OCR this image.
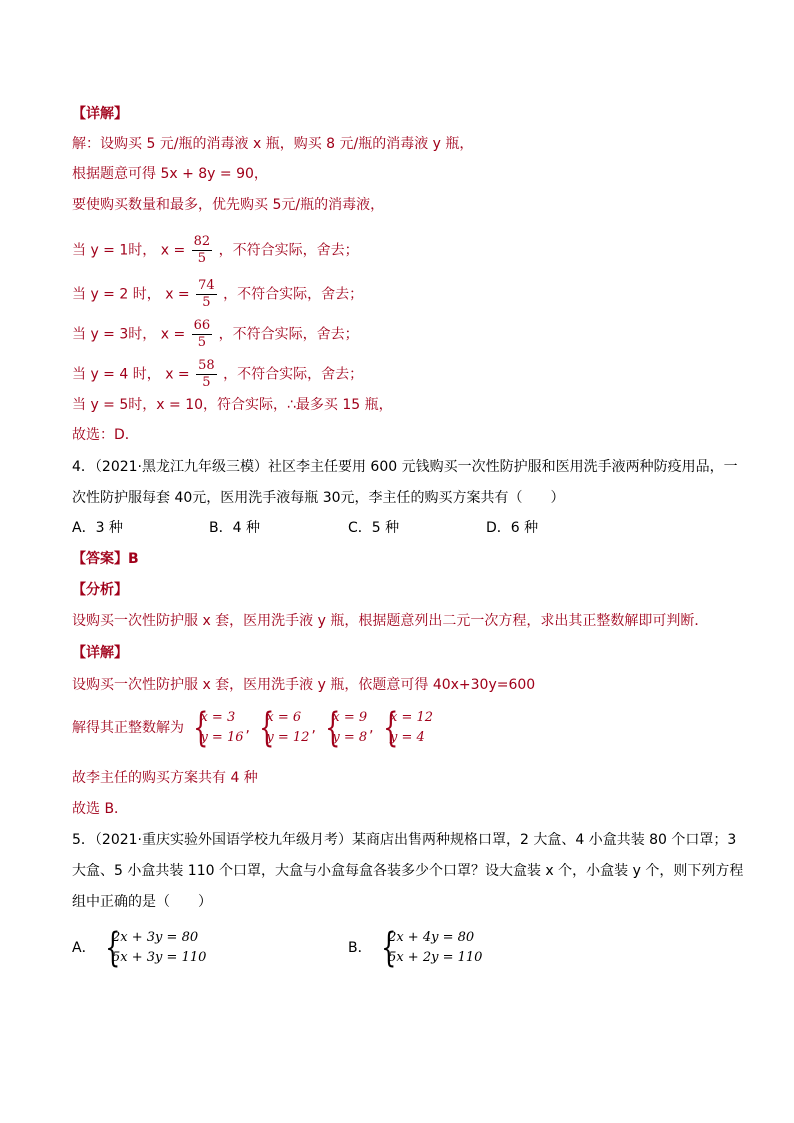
【详解】
解：设购买 5 元/瓶的消毒液 x 瓶，购买 8 元/瓶的消毒液 y 瓶，
根据题意可得 5x + 8y = 90，
要使购买数量和最多，优先购买 5元/瓶的消毒液，
当 y = 1时， $x = \frac{82}{5}$ ，不符合实际，舍去；
当 y = 2 时， $x = \frac{74}{5}$ ，不符合实际，舍去；
当 y = 3时， $x = \frac{66}{5}$ ，不符合实际，舍去；
当 y = 4 时， $x = \frac{58}{5}$ ，不符合实际，舍去；
当 y = 5时，x = 10，符合实际，∴最多买 15 瓶，
故选：D．
4．（2021·黑龙江九年级三模）社区李主任要用 600 元钱购买一次性防护服和医用洗手液两种防疫用品，一
次性防护服每套 40元，医用洗手液每瓶 30元，李主任的购买方案共有（　　）
A．3 种	B．4 种	C．5 种	D．6 种
【答案】B
【分析】
设购买一次性防护服 x 套，医用洗手液 y 瓶，根据题意列出二元一次方程，求出其正整数解即可判断．
【详解】
设购买一次性防护服 x 套，医用洗手液 y 瓶，依题意可得 40x+30y=600
解得其正整数解为
{ x = 3
y = 16
,
{ x = 6
y = 12
,
{ x = 9
y = 8
,
{ x = 12
y = 4
故李主任的购买方案共有 4 种
故选 B．
5．（2021·重庆实验外国语学校九年级月考）某商店出售两种规格口罩，2 大盒、4 小盒共装 80 个口罩；3
大盒、5 小盒共装 110 个口罩，大盒与小盒每盒各装多少个口罩？设大盒装 x 个，小盒装 y 个，则下列方程
组中正确的是（　　）
A．
{ 2x + 3y = 80
5x + 3y = 110
B．
{ 2x + 4y = 80
5x + 2y = 110
